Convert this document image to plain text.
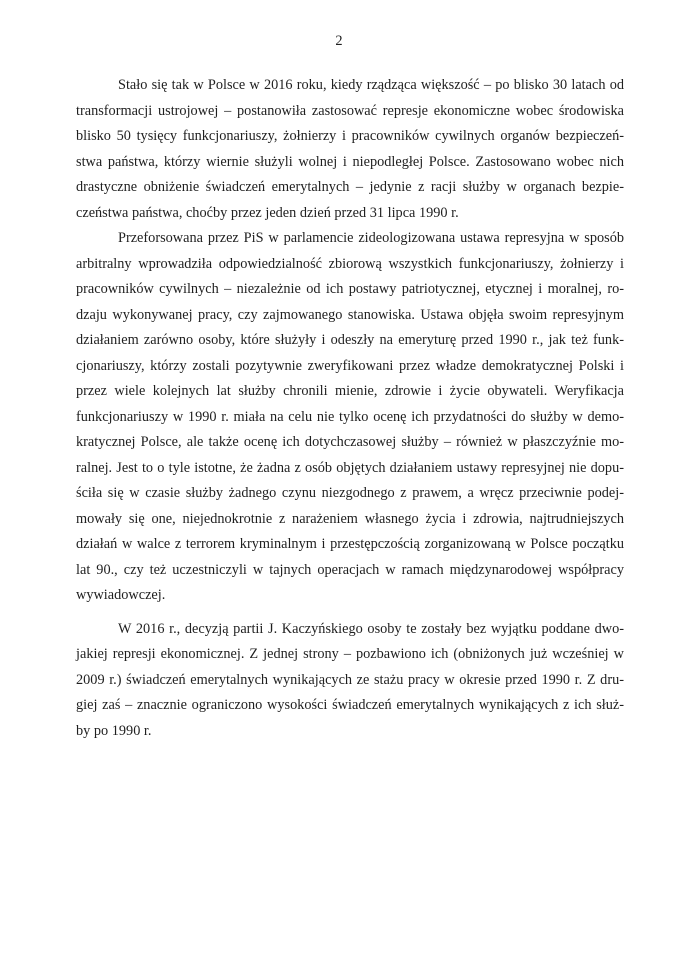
2

Stało się tak w Polsce w 2016 roku, kiedy rządząca większość – po blisko 30 latach od
transformacji ustrojowej – postanowiła zastosować represje ekonomiczne wobec środowiska
blisko 50 tysięcy funkcjonariuszy, żołnierzy i pracowników cywilnych organów bezpieczeń-
stwa państwa, którzy wiernie służyli wolnej i niepodległej Polsce. Zastosowano wobec nich
drastyczne obniżenie świadczeń emerytalnych – jedynie z racji służby w organach bezpie-
czeństwa państwa, choćby przez jeden dzień przed 31 lipca 1990 r.

Przeforsowana przez PiS w parlamencie zideologizowana ustawa represyjna w sposób
arbitralny wprowadziła odpowiedzialność zbiorową wszystkich funkcjonariuszy, żołnierzy i
pracowników cywilnych – niezależnie od ich postawy patriotycznej, etycznej i moralnej, ro-
dzaju wykonywanej pracy, czy zajmowanego stanowiska. Ustawa objęła swoim represyjnym
działaniem zarówno osoby, które służyły i odeszły na emeryturę przed 1990 r., jak też funk-
cjonariuszy, którzy zostali pozytywnie zweryfikowani przez władze demokratycznej Polski i
przez wiele kolejnych lat służby chronili mienie, zdrowie i życie obywateli. Weryfikacja
funkcjonariuszy w 1990 r. miała na celu nie tylko ocenę ich przydatności do służby w demo-
kratycznej Polsce, ale także ocenę ich dotychczasowej służby – również w płaszczyźnie mo-
ralnej. Jest to o tyle istotne, że żadna z osób objętych działaniem ustawy represyjnej nie dopu-
ściła się w czasie służby żadnego czynu niezgodnego z prawem, a wręcz przeciwnie podej-
mowały się one, niejednokrotnie z narażeniem własnego życia i zdrowia, najtrudniejszych
działań w walce z terrorem kryminalnym i przestępczością zorganizowaną w Polsce początku
lat 90., czy też uczestniczyli w tajnych operacjach w ramach międzynarodowej współpracy
wywiadowczej.

W 2016 r., decyzją partii J. Kaczyńskiego osoby te zostały bez wyjątku poddane dwo-
jakiej represji ekonomicznej. Z jednej strony – pozbawiono ich (obniżonych już wcześniej w
2009 r.) świadczeń emerytalnych wynikających ze stażu pracy w okresie przed 1990 r. Z dru-
giej zaś – znacznie ograniczono wysokości świadczeń emerytalnych wynikających z ich służ-
by po 1990 r.
